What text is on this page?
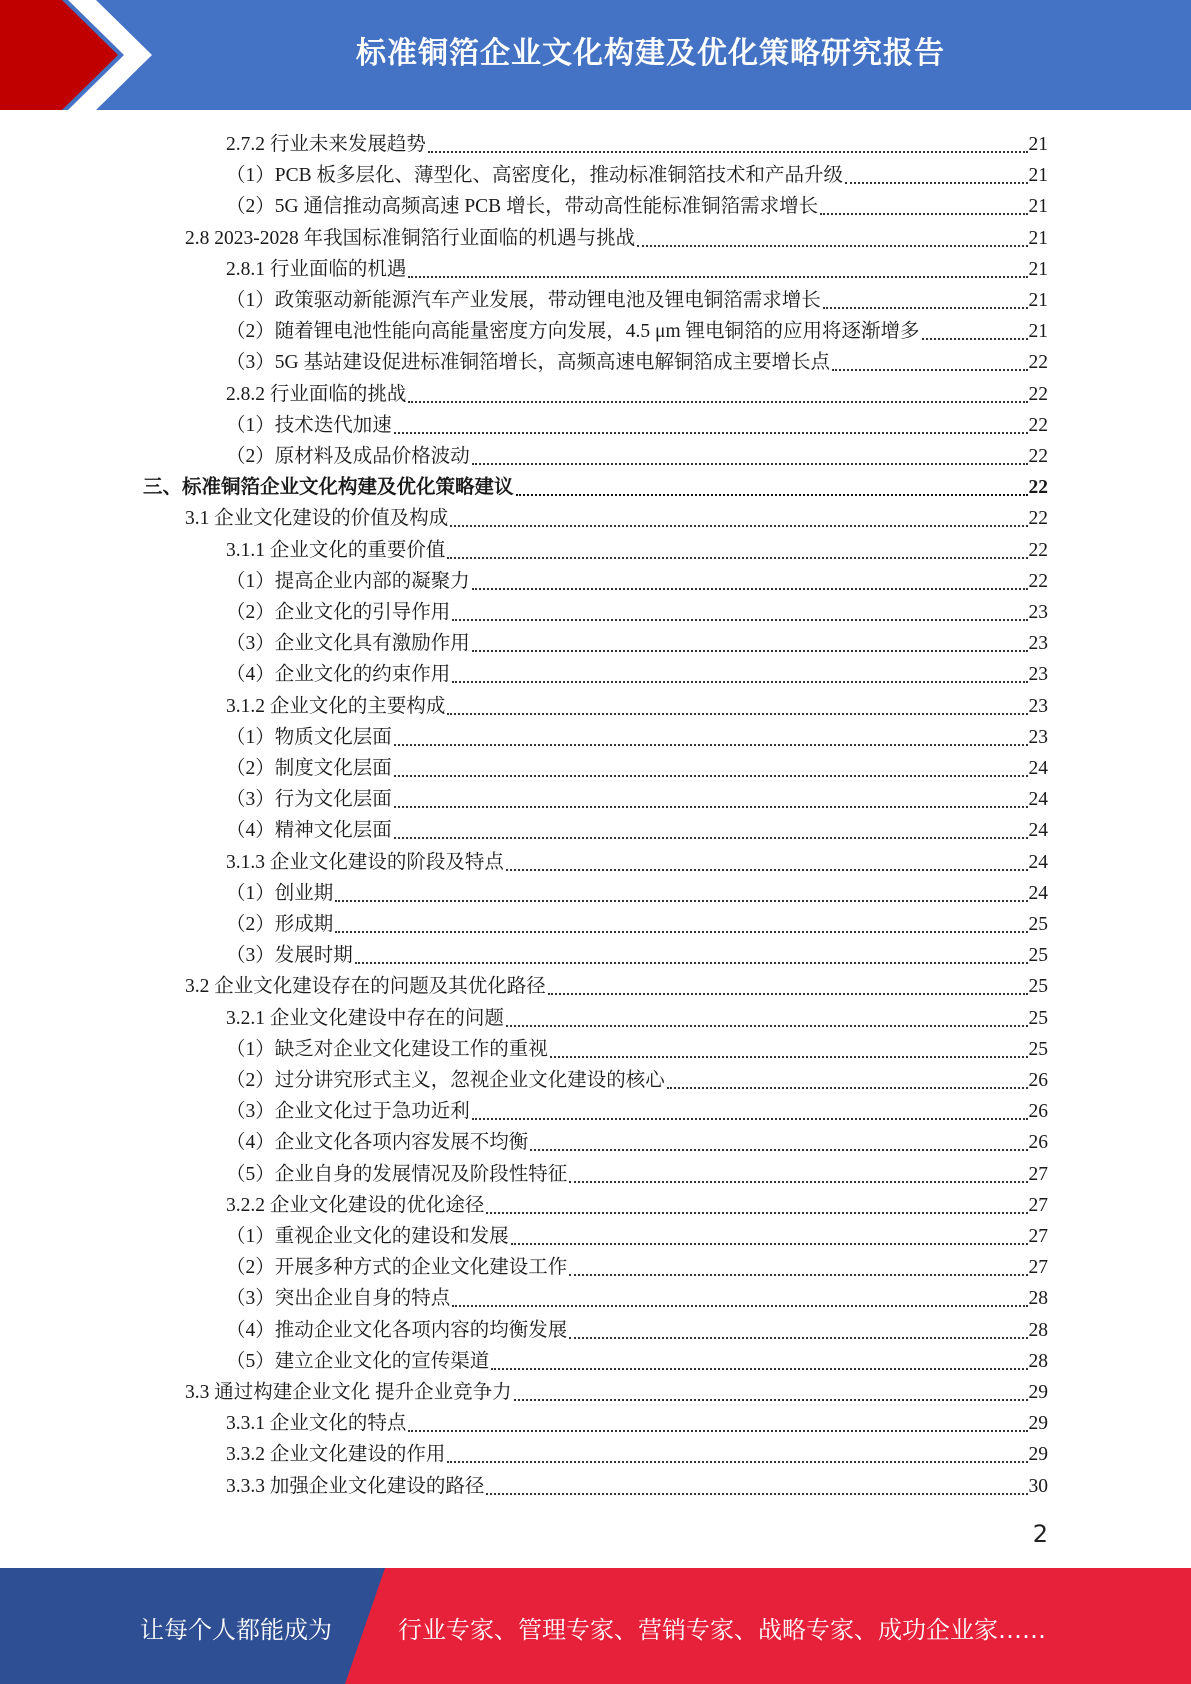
标准铜箔企业文化构建及优化策略研究报告
2.7.2 行业未来发展趋势	21
（1）PCB 板多层化、薄型化、高密度化，推动标准铜箔技术和产品升级	21
（2）5G 通信推动高频高速 PCB 增长，带动高性能标准铜箔需求增长	21
2.8 2023-2028 年我国标准铜箔行业面临的机遇与挑战	21
2.8.1 行业面临的机遇	21
（1）政策驱动新能源汽车产业发展，带动锂电池及锂电铜箔需求增长	21
（2）随着锂电池性能向高能量密度方向发展，4.5 μm 锂电铜箔的应用将逐渐增多	21
（3）5G 基站建设促进标准铜箔增长，高频高速电解铜箔成主要增长点	22
2.8.2 行业面临的挑战	22
（1）技术迭代加速	22
（2）原材料及成品价格波动	22
三、标准铜箔企业文化构建及优化策略建议	22
3.1 企业文化建设的价值及构成	22
3.1.1 企业文化的重要价值	22
（1）提高企业内部的凝聚力	22
（2）企业文化的引导作用	23
（3）企业文化具有激励作用	23
（4）企业文化的约束作用	23
3.1.2 企业文化的主要构成	23
（1）物质文化层面	23
（2）制度文化层面	24
（3）行为文化层面	24
（4）精神文化层面	24
3.1.3 企业文化建设的阶段及特点	24
（1）创业期	24
（2）形成期	25
（3）发展时期	25
3.2 企业文化建设存在的问题及其优化路径	25
3.2.1 企业文化建设中存在的问题	25
（1）缺乏对企业文化建设工作的重视	25
（2）过分讲究形式主义，忽视企业文化建设的核心	26
（3）企业文化过于急功近利	26
（4）企业文化各项内容发展不均衡	26
（5）企业自身的发展情况及阶段性特征	27
3.2.2 企业文化建设的优化途径	27
（1）重视企业文化的建设和发展	27
（2）开展多种方式的企业文化建设工作	27
（3）突出企业自身的特点	28
（4）推动企业文化各项内容的均衡发展	28
（5）建立企业文化的宣传渠道	28
3.3 通过构建企业文化 提升企业竞争力	29
3.3.1 企业文化的特点	29
3.3.2 企业文化建设的作用	29
3.3.3 加强企业文化建设的路径	30
2
让每个人都能成为	行业专家、管理专家、营销专家、战略专家、成功企业家……
